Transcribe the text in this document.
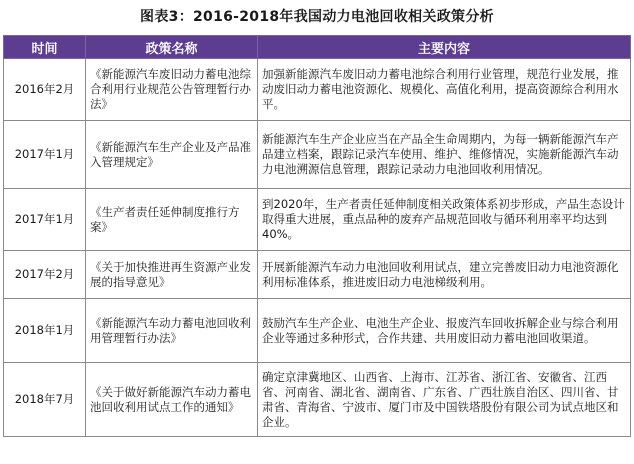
图表3：2016-2018年我国动力电池回收相关政策分析
时间	政策名称	主要内容
2016年2月	《新能源汽车废旧动力蓄电池综合利用行业规范公告管理暂行办法》	加强新能源汽车废旧动力蓄电池综合利用行业管理，规范行业发展，推动废旧动力蓄电池资源化、规模化、高值化利用，提高资源综合利用水平。
2017年1月	《新能源汽车生产企业及产品准入管理规定》	新能源汽车生产企业应当在产品全生命周期内，为每一辆新能源汽车产品建立档案，跟踪记录汽车使用、维护、维修情况，实施新能源汽车动力电池溯源信息管理，跟踪记录动力电池回收利用情况。
2017年1月	《生产者责任延伸制度推行方案》	到2020年，生产者责任延伸制度相关政策体系初步形成，产品生态设计取得重大进展，重点品种的废弃产品规范回收与循环利用率平均达到40%。
2017年2月	《关于加快推进再生资源产业发展的指导意见》	开展新能源汽车动力电池回收利用试点，建立完善废旧动力电池资源化利用标准体系，推进废旧动力电池梯级利用。
2018年1月	《新能源汽车动力蓄电池回收利用管理暂行办法》	鼓励汽车生产企业、电池生产企业、报废汽车回收拆解企业与综合利用企业等通过多种形式，合作共建、共用废旧动力蓄电池回收渠道。
2018年7月	《关于做好新能源汽车动力蓄电池回收利用试点工作的通知》	确定京津冀地区、山西省、上海市、江苏省、浙江省、安徽省、江西省、河南省、湖北省、湖南省、广东省、广西壮族自治区、四川省、甘肃省、青海省、宁波市、厦门市及中国铁塔股份有限公司为试点地区和企业。
